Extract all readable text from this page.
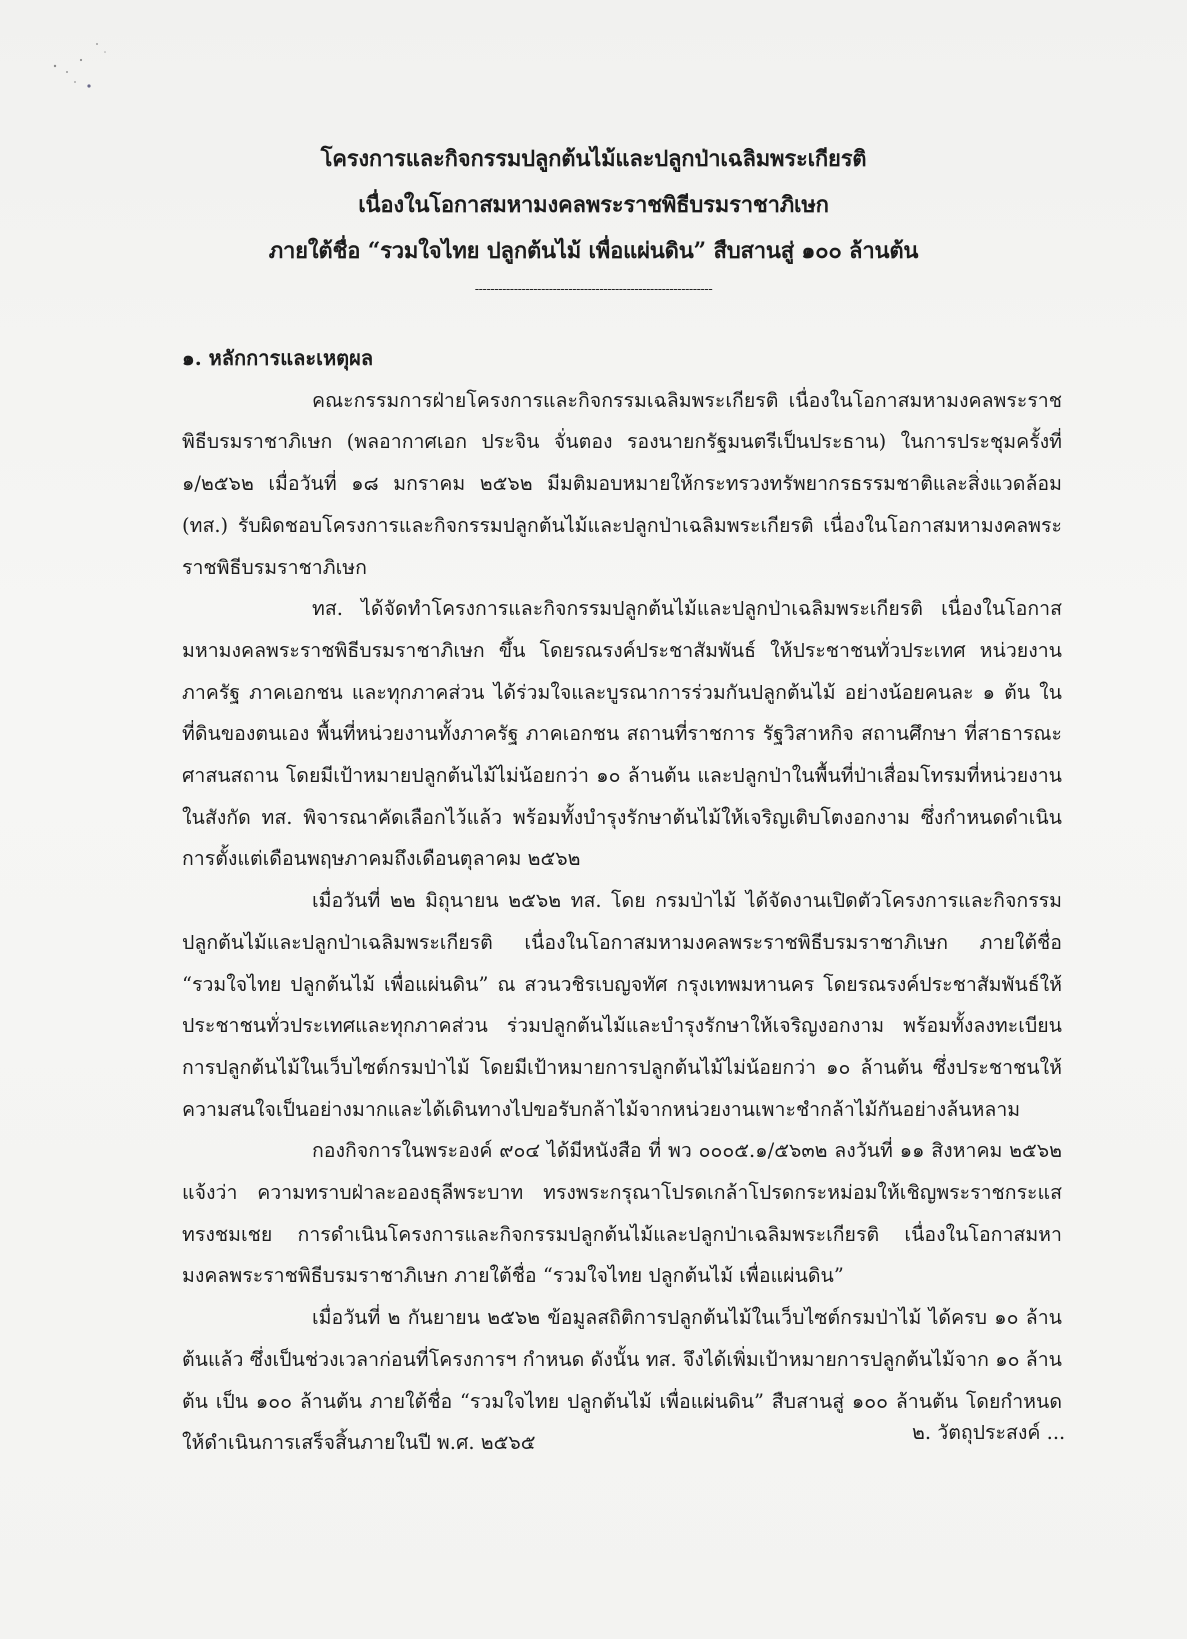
โครงการและกิจกรรมปลูกต้นไม้และปลูกป่าเฉลิมพระเกียรติ
เนื่องในโอกาสมหามงคลพระราชพิธีบรมราชาภิเษก
ภายใต้ชื่อ “รวมใจไทย ปลูกต้นไม้ เพื่อแผ่นดิน” สืบสานสู่ ๑๐๐ ล้านต้น
-------------------------------------------------------------
๑. หลักการและเหตุผล

คณะกรรมการฝ่ายโครงการและกิจกรรมเฉลิมพระเกียรติ เนื่องในโอกาสมหามงคลพระราชพิธีบรมราชาภิเษก (พลอากาศเอก ประจิน จั่นตอง รองนายกรัฐมนตรีเป็นประธาน) ในการประชุมครั้งที่ ๑/๒๕๖๒ เมื่อวันที่ ๑๘ มกราคม ๒๕๖๒ มีมติมอบหมายให้กระทรวงทรัพยากรธรรมชาติและสิ่งแวดล้อม (ทส.) รับผิดชอบโครงการและกิจกรรมปลูกต้นไม้และปลูกป่าเฉลิมพระเกียรติ เนื่องในโอกาสมหามงคลพระราชพิธีบรมราชาภิเษก

ทส. ได้จัดทำโครงการและกิจกรรมปลูกต้นไม้และปลูกป่าเฉลิมพระเกียรติ เนื่องในโอกาสมหามงคลพระราชพิธีบรมราชาภิเษก ขึ้น โดยรณรงค์ประชาสัมพันธ์ ให้ประชาชนทั่วประเทศ หน่วยงานภาครัฐ ภาคเอกชน และทุกภาคส่วน ได้ร่วมใจและบูรณาการร่วมกันปลูกต้นไม้ อย่างน้อยคนละ ๑ ต้น ในที่ดินของตนเอง พื้นที่หน่วยงานทั้งภาครัฐ ภาคเอกชน สถานที่ราชการ รัฐวิสาหกิจ สถานศึกษา ที่สาธารณะ ศาสนสถาน โดยมีเป้าหมายปลูกต้นไม้ไม่น้อยกว่า ๑๐ ล้านต้น และปลูกป่าในพื้นที่ป่าเสื่อมโทรมที่หน่วยงานในสังกัด ทส. พิจารณาคัดเลือกไว้แล้ว พร้อมทั้งบำรุงรักษาต้นไม้ให้เจริญเติบโตงอกงาม ซึ่งกำหนดดำเนินการตั้งแต่เดือนพฤษภาคมถึงเดือนตุลาคม ๒๕๖๒

เมื่อวันที่ ๒๒ มิถุนายน ๒๕๖๒ ทส. โดย กรมป่าไม้ ได้จัดงานเปิดตัวโครงการและกิจกรรมปลูกต้นไม้และปลูกป่าเฉลิมพระเกียรติ เนื่องในโอกาสมหามงคลพระราชพิธีบรมราชาภิเษก ภายใต้ชื่อ “รวมใจไทย ปลูกต้นไม้ เพื่อแผ่นดิน” ณ สวนวชิรเบญจทัศ กรุงเทพมหานคร โดยรณรงค์ประชาสัมพันธ์ให้ประชาชนทั่วประเทศและทุกภาคส่วน ร่วมปลูกต้นไม้และบำรุงรักษาให้เจริญงอกงาม พร้อมทั้งลงทะเบียนการปลูกต้นไม้ในเว็บไซต์กรมป่าไม้ โดยมีเป้าหมายการปลูกต้นไม้ไม่น้อยกว่า ๑๐ ล้านต้น ซึ่งประชาชนให้ความสนใจเป็นอย่างมากและได้เดินทางไปขอรับกล้าไม้จากหน่วยงานเพาะชำกล้าไม้กันอย่างล้นหลาม

กองกิจการในพระองค์ ๙๐๔ ได้มีหนังสือ ที่ พว ๐๐๐๕.๑/๕๖๓๒ ลงวันที่ ๑๑ สิงหาคม ๒๕๖๒ แจ้งว่า ความทราบฝ่าละอองธุลีพระบาท ทรงพระกรุณาโปรดเกล้าโปรดกระหม่อมให้เชิญพระราชกระแสทรงชมเชย การดำเนินโครงการและกิจกรรมปลูกต้นไม้และปลูกป่าเฉลิมพระเกียรติ เนื่องในโอกาสมหามงคลพระราชพิธีบรมราชาภิเษก ภายใต้ชื่อ “รวมใจไทย ปลูกต้นไม้ เพื่อแผ่นดิน”

เมื่อวันที่ ๒ กันยายน ๒๕๖๒ ข้อมูลสถิติการปลูกต้นไม้ในเว็บไซต์กรมป่าไม้ ได้ครบ ๑๐ ล้านต้นแล้ว ซึ่งเป็นช่วงเวลาก่อนที่โครงการฯ กำหนด ดังนั้น ทส. จึงได้เพิ่มเป้าหมายการปลูกต้นไม้จาก ๑๐ ล้านต้น เป็น ๑๐๐ ล้านต้น ภายใต้ชื่อ “รวมใจไทย ปลูกต้นไม้ เพื่อแผ่นดิน” สืบสานสู่ ๑๐๐ ล้านต้น โดยกำหนดให้ดำเนินการเสร็จสิ้นภายในปี พ.ศ. ๒๕๖๕	๒. วัตถุประสงค์ ...
